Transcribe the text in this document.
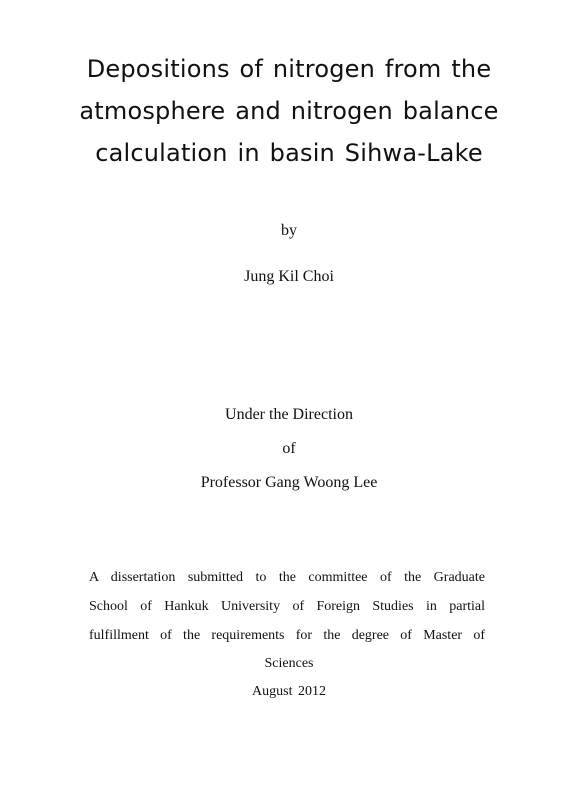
Depositions of nitrogen from the
atmosphere and nitrogen balance
calculation in basin Sihwa-Lake
by
Jung Kil Choi
Under the Direction
of
Professor Gang Woong Lee
A dissertation submitted to the committee of the Graduate
School of Hankuk University of Foreign Studies in partial
fulfillment of the requirements for the degree of Master of
Sciences
August 2012
